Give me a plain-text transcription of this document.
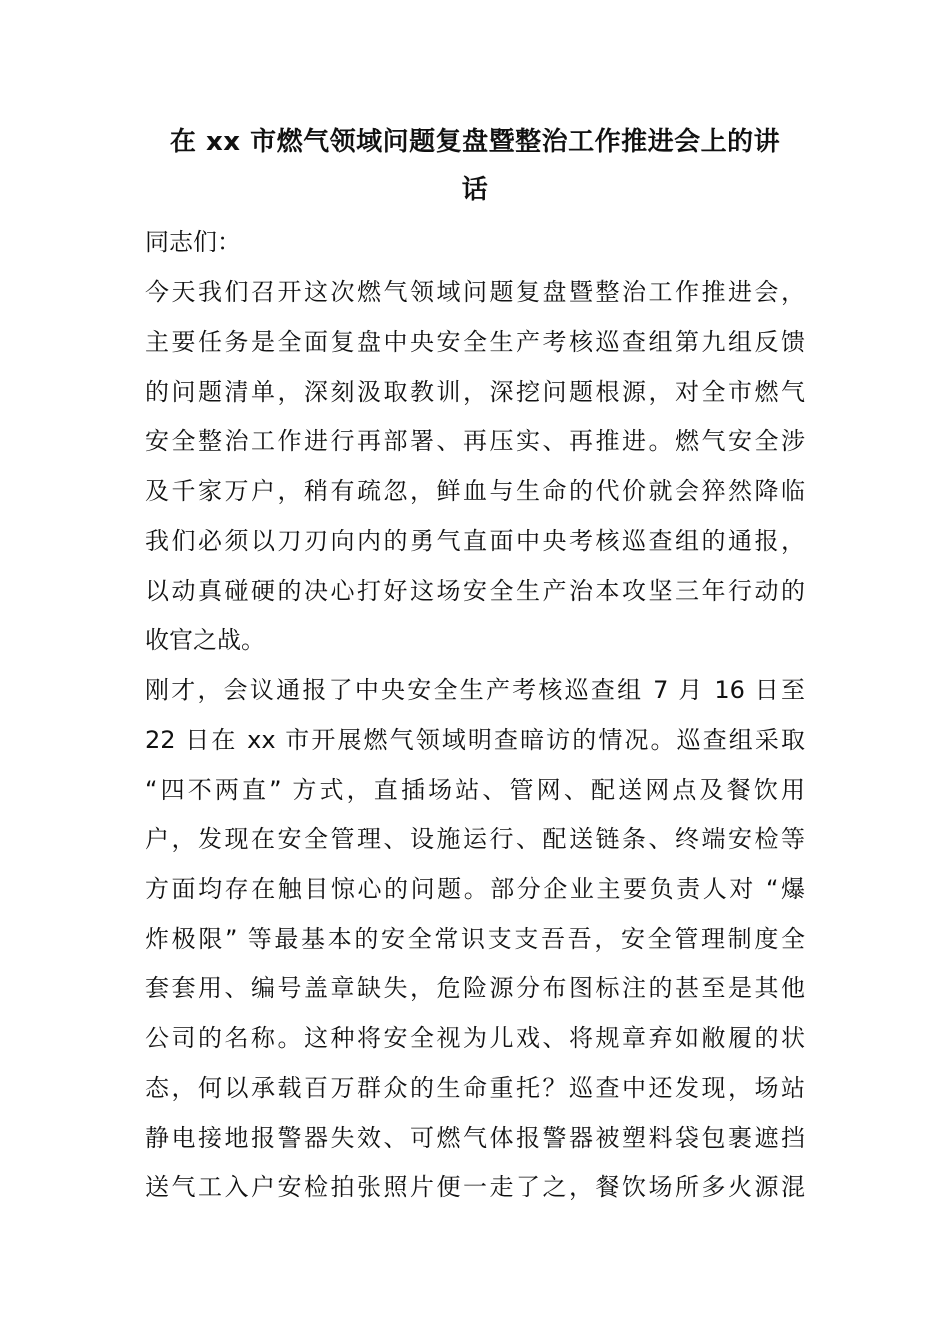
在 xx 市燃气领域问题复盘暨整治工作推进会上的讲
话
同志们：
今天我们召开这次燃气领域问题复盘暨整治工作推进会，
主要任务是全面复盘中央安全生产考核巡查组第九组反馈
的问题清单，深刻汲取教训，深挖问题根源，对全市燃气
安全整治工作进行再部署、再压实、再推进。燃气安全涉
及千家万户，稍有疏忽，鲜血与生命的代价就会猝然降临
我们必须以刀刃向内的勇气直面中央考核巡查组的通报，
以动真碰硬的决心打好这场安全生产治本攻坚三年行动的
收官之战。
刚才，会议通报了中央安全生产考核巡查组 7 月 16 日至
22 日在 xx 市开展燃气领域明查暗访的情况。巡查组采取
“四不两直” 方式，直插场站、管网、配送网点及餐饮用
户，发现在安全管理、设施运行、配送链条、终端安检等
方面均存在触目惊心的问题。部分企业主要负责人对 “爆
炸极限” 等最基本的安全常识支支吾吾，安全管理制度全
套套用、编号盖章缺失，危险源分布图标注的甚至是其他
公司的名称。这种将安全视为儿戏、将规章弃如敝履的状
态，何以承载百万群众的生命重托？巡查中还发现，场站
静电接地报警器失效、可燃气体报警器被塑料袋包裹遮挡
送气工入户安检拍张照片便一走了之，餐饮场所多火源混
